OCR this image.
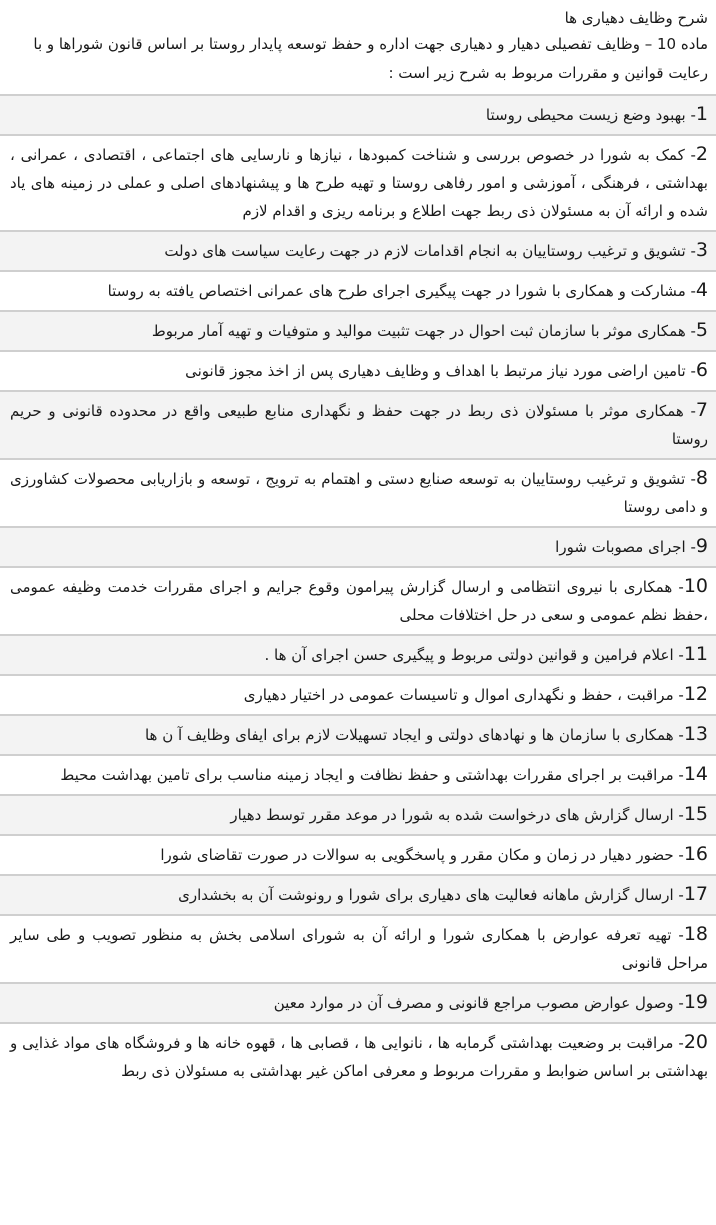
شرح وظایف دهیاری ها
ماده 10 – وظایف تفصیلی دهیار و دهیاری جهت اداره و حفظ توسعه پایدار روستا بر اساس قانون شوراها و با رعایت قوانین و مقررات مربوط به شرح زیر است :
1- بهبود وضع زیست محیطی روستا
2- کمک به شورا در خصوص بررسی و شناخت کمبودها ، نیازها و نارسایی های اجتماعی ، اقتصادی ، عمرانی ، بهداشتی ، فرهنگی ، آموزشی و امور رفاهی روستا و تهیه طرح ها و پیشنهادهای اصلی و عملی در زمینه های یاد شده و ارائه آن به مسئولان ذی ربط جهت اطلاع و برنامه ریزی و اقدام لازم
3- تشویق و ترغیب روستاییان به انجام اقدامات لازم در جهت رعایت سیاست های دولت
4- مشارکت و همکاری با شورا در جهت پیگیری اجرای طرح های عمرانی اختصاص یافته به روستا
5- همکاری موثر با سازمان ثبت احوال در جهت تثبیت موالید و متوفیات و تهیه آمار مربوط
6- تامین اراضی مورد نیاز مرتبط با اهداف و وظایف دهیاری پس از اخذ مجوز قانونی
7- همکاری موثر با مسئولان ذی ربط در جهت حفظ و نگهداری منابع طبیعی واقع در محدوده قانونی و حریم روستا
8- تشویق و ترغیب روستاییان به توسعه صنایع دستی و اهتمام به ترویج ، توسعه و بازاریابی محصولات کشاورزی و دامی روستا
9- اجرای مصوبات شورا
10- همکاری با نیروی انتظامی و ارسال گزارش پیرامون وقوع جرایم و اجرای مقررات خدمت وظیفه عمومی ،حفظ نظم عمومی و سعی در حل اختلافات محلی
11- اعلام فرامین و قوانین دولتی مربوط و پیگیری حسن اجرای آن ها .
12- مراقبت ، حفظ و نگهداری اموال و تاسیسات عمومی در اختیار دهیاری
13- همکاری با سازمان ها و نهادهای دولتی و ایجاد تسهیلات لازم برای ایفای وظایف آ ن ها
14- مراقبت بر اجرای مقررات بهداشتی و حفظ نظافت و ایجاد زمینه مناسب برای تامین بهداشت محیط
15- ارسال گزارش های درخواست شده به شورا در موعد مقرر توسط دهیار
16- حضور دهیار در زمان و مکان مقرر و پاسخگویی به سوالات در صورت تقاضای شورا
17- ارسال گزارش ماهانه فعالیت های دهیاری برای شورا و رونوشت آن به بخشداری
18- تهیه تعرفه عوارض با همکاری شورا و ارائه آن به شورای اسلامی بخش به منظور تصویب و طی سایر مراحل قانونی
19- وصول عوارض مصوب مراجع قانونی و مصرف آن در موارد معین
20- مراقبت بر وضعیت بهداشتی گرمابه ها ، نانوایی ها ، قصابی ها ، قهوه خانه ها و فروشگاه های مواد غذایی و بهداشتی بر اساس ضوابط و مقررات مربوط و معرفی اماکن غیر بهداشتی به مسئولان ذی ربط
